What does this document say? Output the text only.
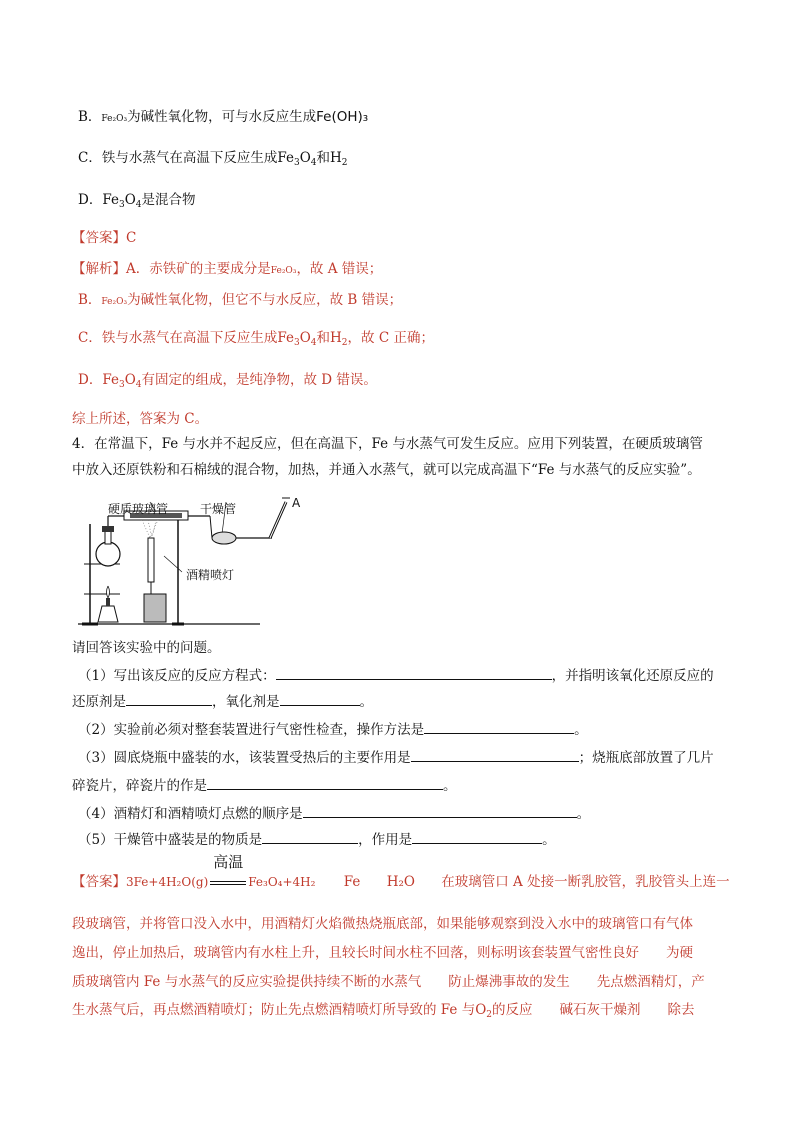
B．Fe₂O₃为碱性氧化物，可与水反应生成Fe(OH)₃
C．铁与水蒸气在高温下反应生成$Fe_3O_4$和$H_2$
D．$Fe_3O_4$是混合物
【答案】C
【解析】A．赤铁矿的主要成分是Fe₂O₃，故 A 错误；
B．Fe₂O₃为碱性氧化物，但它不与水反应，故 B 错误；
C．铁与水蒸气在高温下反应生成$Fe_3O_4$和$H_2$，故 C 正确；
D．$Fe_3O_4$有固定的组成，是纯净物，故 D 错误。
综上所述，答案为 C。
4．在常温下，Fe 与水并不起反应，但在高温下，Fe 与水蒸气可发生反应。应用下列装置，在硬质玻璃管
中放入还原铁粉和石棉绒的混合物，加热，并通入水蒸气，就可以完成高温下“Fe 与水蒸气的反应实验”。
硬质玻璃管	干燥管	A
酒精喷灯
请回答该实验中的问题。
（1）写出该反应的反应方程式：	，并指明该氧化还原反应的
还原剂是	，氧化剂是	。
（2）实验前必须对整套装置进行气密性检查，操作方法是	。
（3）圆底烧瓶中盛装的水，该装置受热后的主要作用是	；烧瓶底部放置了几片
碎瓷片，碎瓷片的作是	。
（4）酒精灯和酒精喷灯点燃的顺序是	。
（5）干燥管中盛装是的物质是	，作用是	。
【答案】3Fe+4H₂O(g)
高温
Fe₃O₄+4H₂ Fe H₂O 在玻璃管口 A 处接一断乳胶管，乳胶管头上连一
段玻璃管，并将管口没入水中，用酒精灯火焰微热烧瓶底部，如果能够观察到没入水中的玻璃管口有气体
逸出，停止加热后，玻璃管内有水柱上升，且较长时间水柱不回落，则标明该套装置气密性良好　　为硬
质玻璃管内 Fe 与水蒸气的反应实验提供持续不断的水蒸气　　防止爆沸事故的发生　　先点燃酒精灯，产
生水蒸气后，再点燃酒精喷灯；防止先点燃酒精喷灯所导致的 Fe 与$O_2$的反应　　碱石灰干燥剂　　除去
